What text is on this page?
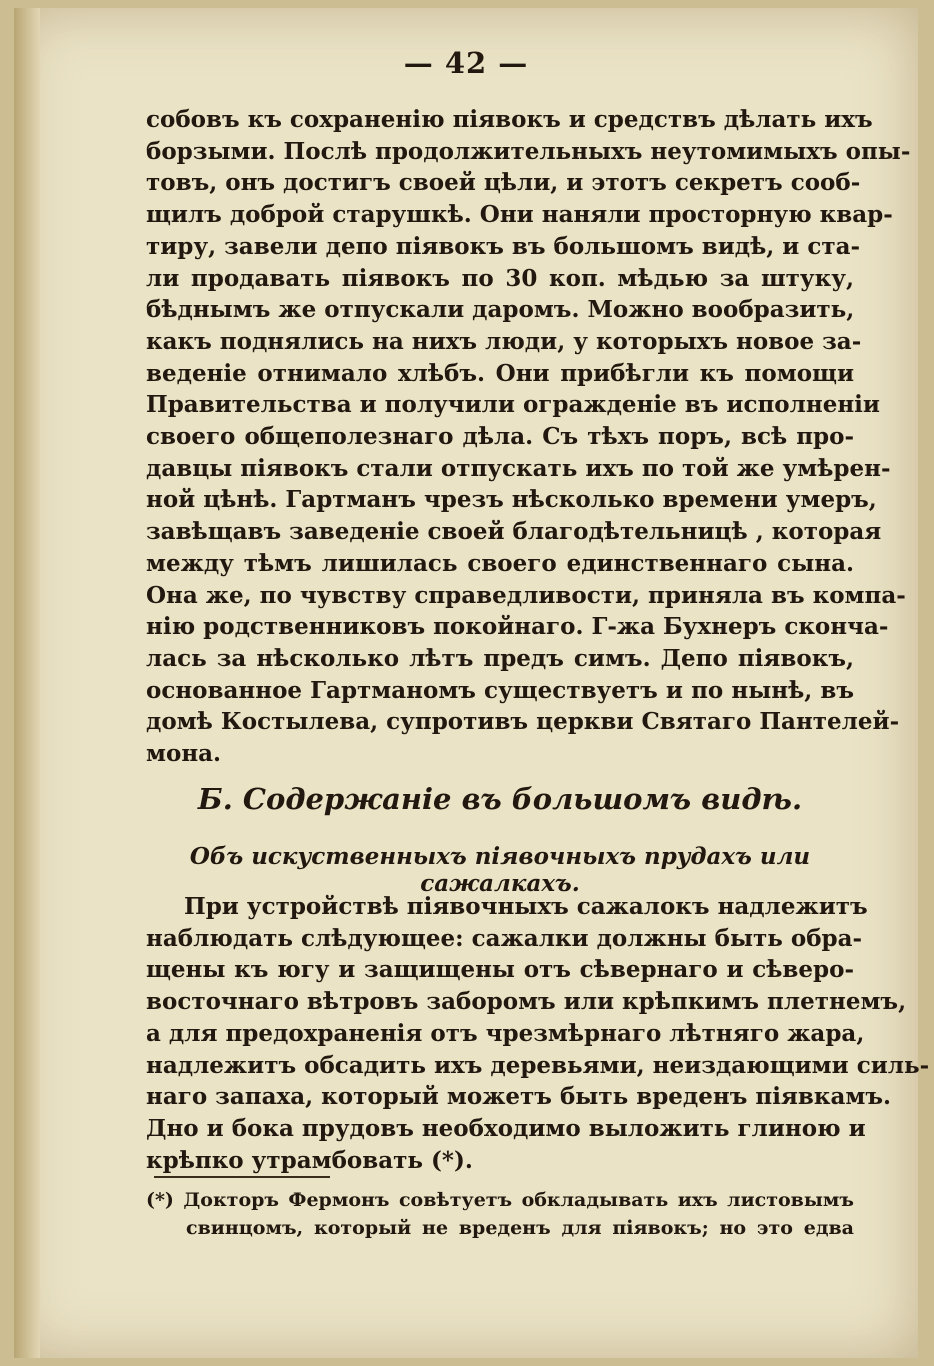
— 42 —
собовъ къ сохраненію піявокъ и средствъ дѣлать ихъ
борзыми. Послѣ продолжительныхъ неутомимыхъ опы-
товъ, онъ достигъ своей цѣли, и этотъ секретъ сооб-
щилъ доброй старушкѣ. Они наняли просторную квар-
тиру, завели депо піявокъ въ большомъ видѣ, и ста-
ли продавать піявокъ по 30 коп. мѣдью за штуку,
бѣднымъ же отпускали даромъ. Можно вообразить,
какъ поднялись на нихъ люди, у которыхъ новое за-
веденіе отнимало хлѣбъ. Они прибѣгли къ помощи
Правительства и получили огражденіе въ исполненіи
своего общеполезнаго дѣла. Съ тѣхъ поръ, всѣ про-
давцы піявокъ стали отпускать ихъ по той же умѣрен-
ной цѣнѣ. Гартманъ чрезъ нѣсколько времени умеръ,
завѣщавъ заведеніе своей благодѣтельницѣ , которая
между тѣмъ лишилась своего единственнаго сына.
Она же, по чувству справедливости, приняла въ компа-
нію родственниковъ покойнаго. Г-жа Бухнеръ сконча-
лась за нѣсколько лѣтъ предъ симъ. Депо піявокъ,
основанное Гартманомъ существуетъ и по нынѣ, въ
домѣ Костылева, супротивъ церкви Святаго Пантелей-
мона.
Б. Содержаніе въ большомъ видѣ.
Объ искуственныхъ піявочныхъ прудахъ или сажалкахъ.
При устройствѣ піявочныхъ сажалокъ надлежитъ
наблюдать слѣдующее: сажалки должны быть обра-
щены къ югу и защищены отъ сѣвернаго и сѣверо-
восточнаго вѣтровъ заборомъ или крѣпкимъ плетнемъ,
а для предохраненія отъ чрезмѣрнаго лѣтняго жара,
надлежитъ обсадить ихъ деревьями, неиздающими силь-
наго запаха, который можетъ быть вреденъ піявкамъ.
Дно и бока прудовъ необходимо выложить глиною и
крѣпко утрамбовать (*).
(*) Докторъ Фермонъ совѣтуетъ обкладывать ихъ листовымъ
свинцомъ, который не вреденъ для піявокъ; но это едва
